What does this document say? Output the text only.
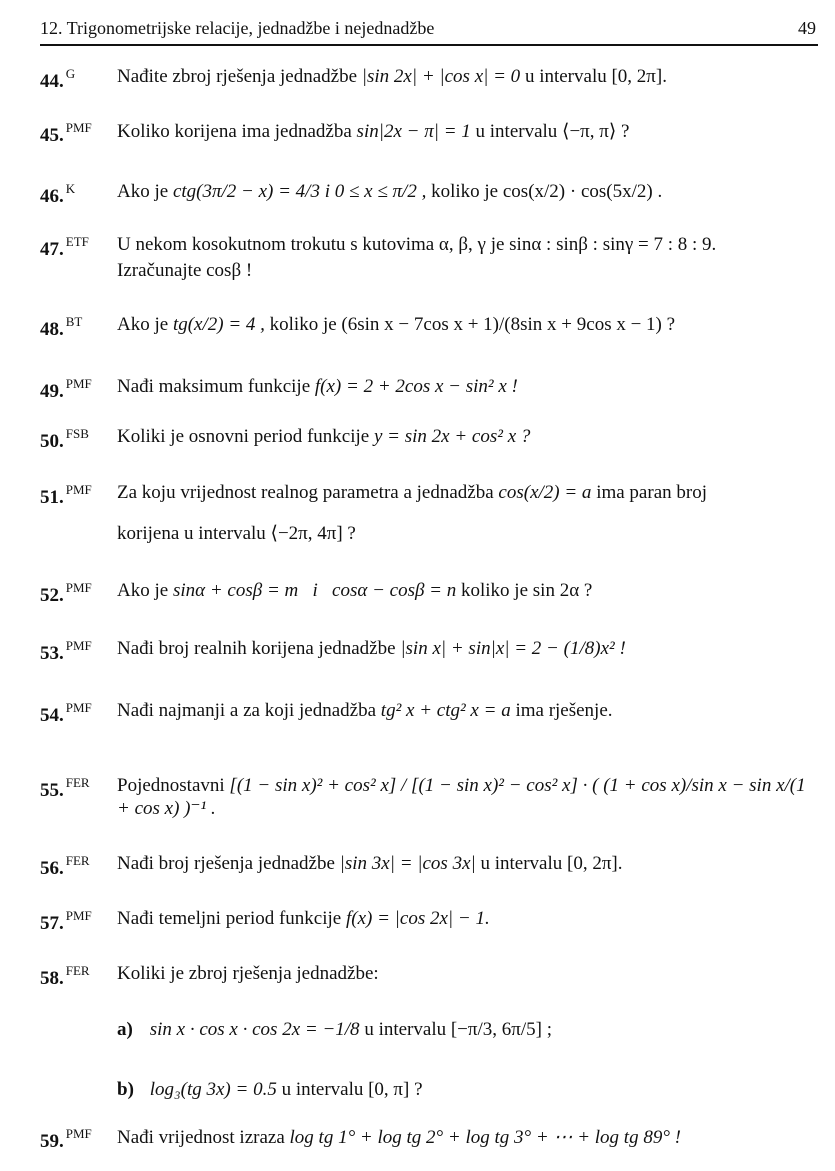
12. Trigonometrijske relacije, jednadžbe i nejednadžbe	49
44. $^G$ Nađite zbroj rješenja jednadžbe |sin 2x| + |cos x| = 0 u intervalu [0, 2π].
45. $^{PMF}$ Koliko korijena ima jednadžba sin|2x − π| = 1 u intervalu ⟨−π, π⟩ ?
46. $^K$ Ako je ctg(3π/2 − x) = 4/3 i 0 ≤ x ≤ π/2 , koliko je cos(x/2) · cos(5x/2) .
47. $^{ETF}$ U nekom kosokutnom trokutu s kutovima α, β, γ je sinα : sinβ : sinγ = 7 : 8 : 9.
Izračunajte cosβ !
48. $^{BT}$ Ako je tg(x/2) = 4 , koliko je (6sin x − 7cos x + 1)/(8sin x + 9cos x − 1) ?
49. $^{PMF}$ Nađi maksimum funkcije f(x) = 2 + 2cos x − sin² x !
50. $^{FSB}$ Koliki je osnovni period funkcije y = sin 2x + cos² x ?
51. $^{PMF}$ Za koju vrijednost realnog parametra a jednadžba cos(x/2) = a ima paran broj
korijena u intervalu ⟨−2π, 4π] ?
52. $^{PMF}$ Ako je sinα + cosβ = m   i   cosα − cosβ = n koliko je sin 2α ?
53. $^{PMF}$ Nađi broj realnih korijena jednadžbe |sin x| + sin|x| = 2 − (1/8)x² !
54. $^{PMF}$ Nađi najmanji a za koji jednadžba tg² x + ctg² x = a ima rješenje.
55. $^{FER}$ Pojednostavni [(1 − sin x)² + cos² x] / [(1 − sin x)² − cos² x] · ( (1 + cos x)/sin x − sin x/(1 + cos x) )⁻¹ .
56. $^{FER}$ Nađi broj rješenja jednadžbe |sin 3x| = |cos 3x| u intervalu [0, 2π].
57. $^{PMF}$ Nađi temeljni period funkcije f(x) = |cos 2x| − 1.
58. $^{FER}$ Koliki je zbroj rješenja jednadžbe:
a) sin x · cos x · cos 2x = −1/8 u intervalu [−π/3, 6π/5] ;
b) log₃(tg 3x) = 0.5 u intervalu [0, π] ?
59. $^{PMF}$ Nađi vrijednost izraza log tg 1° + log tg 2° + log tg 3° + ⋯ + log tg 89° !
